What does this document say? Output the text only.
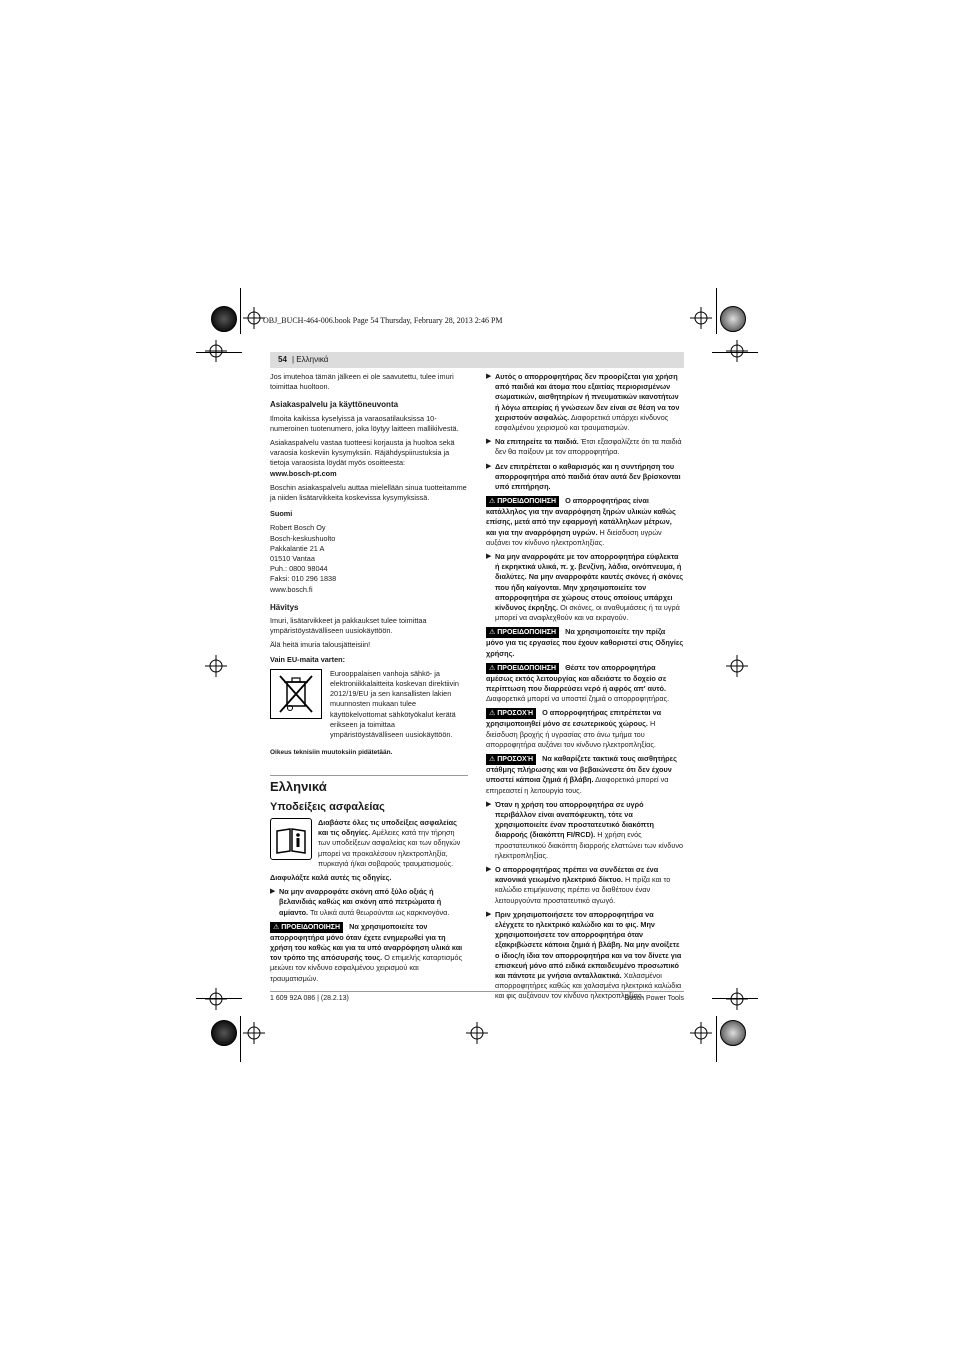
OBJ_BUCH-464-006.book Page 54 Thursday, February 28, 2013 2:46 PM
54 | Ελληνικά

Jos imutehoa tämän jälkeen ei ole saavutettu, tulee imuri toimittaa huoltoon.

Asiakaspalvelu ja käyttöneuvonta

Ilmoita kaikissa kyselyissä ja varaosatilauksissa 10-numeroinen tuotenumero, joka löytyy laitteen mallikilvestä.

Asiakaspalvelu vastaa tuotteesi korjausta ja huoltoa sekä varaosia koskeviin kysymyksiin. Räjähdyspiirustuksia ja tietoja varaosista löydät myös osoitteesta:

www.bosch-pt.com

Boschin asiakaspalvelu auttaa mielellään sinua tuotteitamme ja niiden lisätarvikkeita koskevissa kysymyksissä.

Suomi

Robert Bosch Oy
Bosch-keskushuolto
Pakkalantie 21 A
01510 Vantaa
Puh.: 0800 98044
Faksi: 010 296 1838
www.bosch.fi
Hävitys

Imuri, lisätarvikkeet ja pakkaukset tulee toimittaa ympäristöystävälliseen uusiokäyttöön.

Älä heitä imuria talousjätteisiin!

Vain EU-maita varten:

Eurooppalaisen vanhoja sähkö- ja elektroniikkalaitteita koskevan direktiivin 2012/19/EU ja sen kansallisten lakien muunnosten mukaan tulee käyttökelvottomat sähkötyökalut kerätä erikseen ja toimittaa ympäristöystävälliseen uusiokäyttöön.

Oikeus teknisiin muutoksiin pidätetään.

Ελληνικά
Υποδείξεις ασφαλείας
Διαβάστε όλες τις υποδείξεις ασφαλείας και τις οδηγίες. Αμέλειες κατά την τήρηση των υποδείξεων ασφαλείας και των οδηγιών μπορεί να προκαλέσουν ηλεκτροπληξία, πυρκαγιά ή/και σοβαρούς τραυματισμούς.

Διαφυλάξτε καλά αυτές τις οδηγίες.

▶ Να μην αναρροφάτε σκόνη από ξύλο οξιάς ή βελανιδιάς καθώς και σκόνη από πετρώματα ή αμίαντο. Τα υλικά αυτά θεωρούνται ως καρκινογόνα.

⚠ ΠΡΟΕΙΔΟΠΟΙΗΣΗ Να χρησιμοποιείτε τον απορροφητήρα μόνο όταν έχετε ενημερωθεί για τη χρήση του καθώς και για τα υπό αναρρόφηση υλικά και τον τρόπο της απόσυρσής τους. Ο επιμελής καταρτισμός μειώνει τον κίνδυνο εσφαλμένου χειρισμού και τραυματισμών.

▶ Αυτός ο απορροφητήρας δεν προορίζεται για χρήση από παιδιά και άτομα που εξαιτίας περιορισμένων σωματικών, αισθητηρίων ή πνευματικών ικανοτήτων ή λόγω απειρίας ή γνώσεων δεν είναι σε θέση να τον χειριστούν ασφαλώς. Διαφορετικά υπάρχει κίνδυνος εσφαλμένου χειρισμού και τραυματισμών.
▶ Να επιτηρείτε τα παιδιά. Έτσι εξασφαλίζετε ότι τα παιδιά δεν θα παίξουν με τον απορροφητήρα.
▶ Δεν επιτρέπεται ο καθαρισμός και η συντήρηση του απορροφητήρα από παιδιά όταν αυτά δεν βρίσκονται υπό επιτήρηση.

⚠ ΠΡΟΕΙΔΟΠΟΙΗΣΗ Ο απορροφητήρας είναι κατάλληλος για την αναρρόφηση ξηρών υλικών καθώς επίσης, μετά από την εφαρμογή κατάλληλων μέτρων, και για την αναρρόφηση υγρών. Η διείσδυση υγρών αυξάνει τον κίνδυνο ηλεκτροπληξίας.

▶ Να μην αναρροφάτε με τον απορροφητήρα εύφλεκτα ή εκρηκτικά υλικά, π. χ. βενζίνη, λάδια, οινόπνευμα, ή διαλύτες. Να μην αναρροφάτε καυτές σκόνες ή σκόνες που ήδη καίγονται. Μην χρησιμοποιείτε τον απορροφητήρα σε χώρους στους οποίους υπάρχει κίνδυνος έκρηξης. Οι σκόνες, οι αναθυμιάσεις ή τα υγρά μπορεί να αναφλεχθούν και να εκραγούν.

⚠ ΠΡΟΕΙΔΟΠΟΙΗΣΗ Να χρησιμοποιείτε την πρίζα μόνο για τις εργασίες που έχουν καθοριστεί στις Οδηγίες χρήσης.

⚠ ΠΡΟΕΙΔΟΠΟΙΗΣΗ Θέστε τον απορροφητήρα αμέσως εκτός λειτουργίας και αδειάστε το δοχείο σε περίπτωση που διαρρεύσει νερό ή αφρός απ' αυτό. Διαφορετικά μπορεί να υποστεί ζημιά ο απορροφητήρας.

⚠ ΠΡΟΣΟΧΉ Ο απορροφητήρας επιτρέπεται να χρησιμοποιηθεί μόνο σε εσωτερικούς χώρους. Η διείσδυση βροχής ή υγρασίας στο άνω τμήμα του απορροφητήρα αυξάνει τον κίνδυνο ηλεκτροπληξίας.

⚠ ΠΡΟΣΟΧΉ Να καθαρίζετε τακτικά τους αισθητήρες στάθμης πλήρωσης και να βεβαιώνεστε ότι δεν έχουν υποστεί κάποια ζημιά ή βλάβη. Διαφορετικά μπορεί να επηρεαστεί η λειτουργία τους.

▶ Όταν η χρήση του απορροφητήρα σε υγρό περιβάλλον είναι αναπόφευκτη, τότε να χρησιμοποιείτε έναν προστατευτικό διακόπτη διαρροής (διακόπτη FI/RCD). Η χρήση ενός προστατευτικού διακόπτη διαρροής ελαττώνει των κίνδυνο ηλεκτροπληξίας.
▶ Ο απορροφητήρας πρέπει να συνδέεται σε ένα κανονικά γειωμένο ηλεκτρικό δίκτυο. Η πρίζα και το καλώδιο επιμήκυνσης πρέπει να διαθέτουν έναν λειτουργούντα προστατευτικό αγωγό.
▶ Πριν χρησιμοποιήσετε τον απορροφητήρα να ελέγχετε το ηλεκτρικό καλώδιο και το φις. Μην χρησιμοποιήσετε τον απορροφητήρα όταν εξακριβώσετε κάποια ζημιά ή βλάβη. Να μην ανοίξετε ο ίδιος/η ίδια τον απορροφητήρα και να τον δίνετε για επισκευή μόνο από ειδικά εκπαιδευμένο προσωπικό και πάντοτε με γνήσια ανταλλακτικά. Χαλασμένοι απορροφητήρες καθώς και χαλασμένα ηλεκτρικά καλώδια και φις αυξάνουν τον κίνδυνο ηλεκτροπληξίας.
1 609 92A 086 | (28.2.13)	Bosch Power Tools
